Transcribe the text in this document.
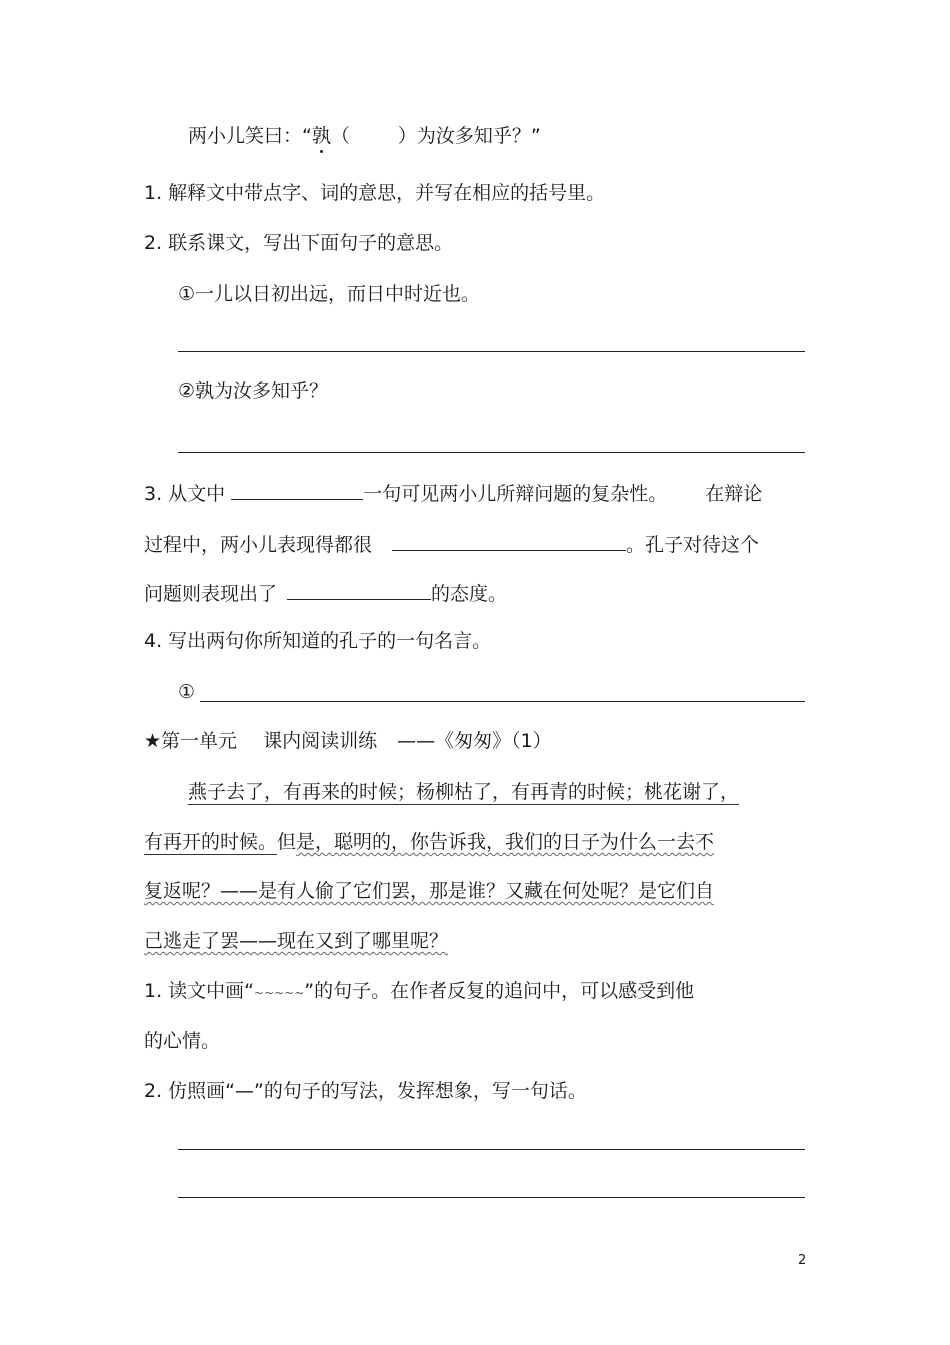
两小儿笑曰：“孰（	）为汝多知乎？”
1. 解释文中带点字、词的意思，并写在相应的括号里。
2. 联系课文，写出下面句子的意思。
①一儿以日初出远，而日中时近也。
②孰为汝多知乎？
3. 从文中	一句可见两小儿所辩问题的复杂性。 在辩论
过程中，两小儿表现得都很	。孔子对待这个
问题则表现出了	的态度。
4. 写出两句你所知道的孔子的一句名言。
①
★第一单元 课内阅读训练 ——《匆匆》（1）
燕子去了，有再来的时候；杨柳枯了，有再青的时候；桃花谢了，
有再开的时候。但是，聪明的，你告诉我，我们的日子为什么一去不
复返呢？——是有人偷了它们罢，那是谁？又藏在何处呢？是它们自
己逃走了罢——现在又到了哪里呢？
1. 读文中画“~~~~~”的句子。在作者反复的追问中，可以感受到他
的心情。
2. 仿照画“—”的句子的写法，发挥想象，写一句话。
2
